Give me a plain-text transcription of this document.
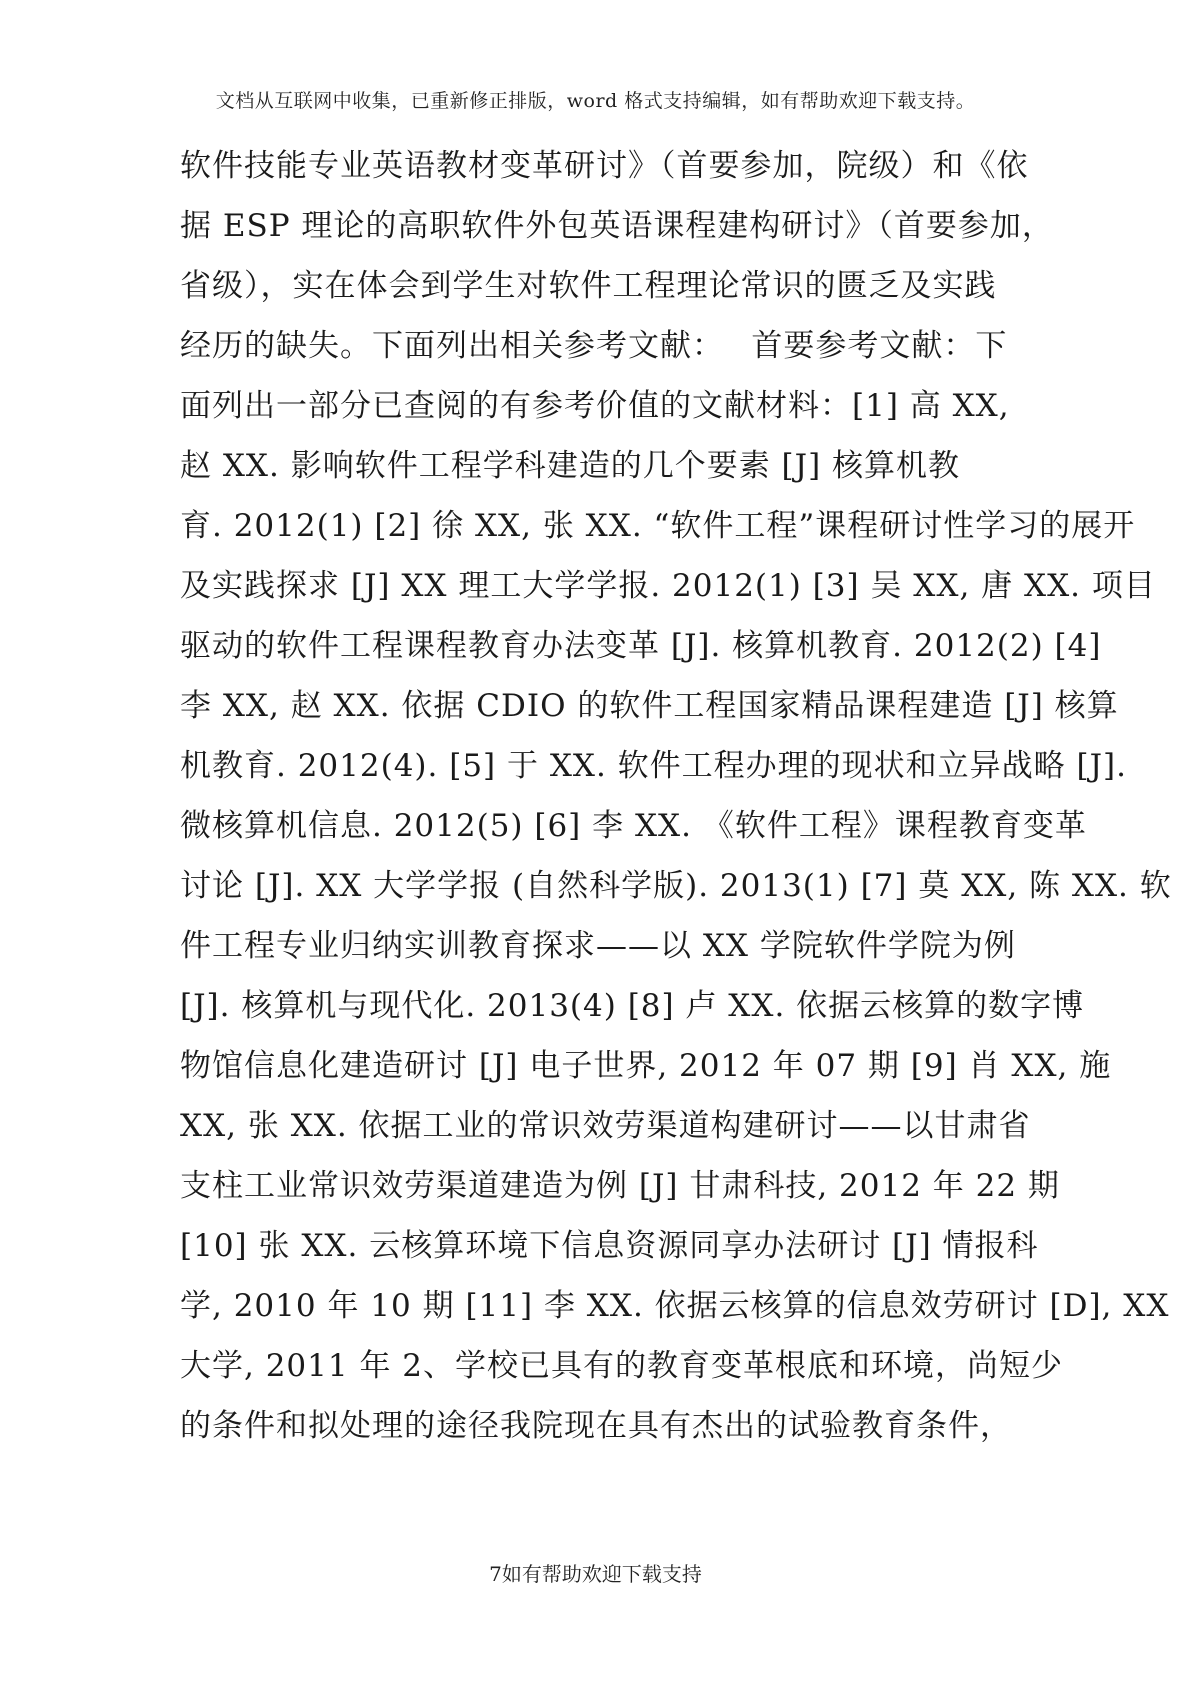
文档从互联网中收集，已重新修正排版，word 格式支持编辑，如有帮助欢迎下载支持。
软件技能专业英语教材变革研讨》（首要参加，院级）和《依
据 ESP 理论的高职软件外包英语课程建构研讨》（首要参加，
省级），实在体会到学生对软件工程理论常识的匮乏及实践
经历的缺失。下面列出相关参考文献：　 首要参考文献：下
面列出一部分已查阅的有参考价值的文献材料：[1] 高 XX,
赵 XX. 影响软件工程学科建造的几个要素 [J] 核算机教
育. 2012(1) [2] 徐 XX, 张 XX. “软件工程”课程研讨性学习的展开
及实践探求 [J] XX 理工大学学报. 2012(1) [3] 吴 XX, 唐 XX. 项目
驱动的软件工程课程教育办法变革 [J]. 核算机教育. 2012(2) [4]
李 XX, 赵 XX. 依据 CDIO 的软件工程国家精品课程建造 [J] 核算
机教育. 2012(4). [5] 于 XX. 软件工程办理的现状和立异战略 [J].
微核算机信息. 2012(5) [6] 李 XX. 《软件工程》课程教育变革
讨论 [J]. XX 大学学报 (自然科学版). 2013(1) [7] 莫 XX, 陈 XX. 软
件工程专业归纳实训教育探求——以 XX 学院软件学院为例
[J]. 核算机与现代化. 2013(4) [8] 卢 XX. 依据云核算的数字博
物馆信息化建造研讨 [J] 电子世界, 2012 年 07 期 [9] 肖 XX, 施
XX, 张 XX. 依据工业的常识效劳渠道构建研讨——以甘肃省
支柱工业常识效劳渠道建造为例 [J] 甘肃科技, 2012 年 22 期
[10] 张 XX. 云核算环境下信息资源同享办法研讨 [J] 情报科
学, 2010 年 10 期 [11] 李 XX. 依据云核算的信息效劳研讨 [D], XX
大学, 2011 年 2、学校已具有的教育变革根底和环境，尚短少
的条件和拟处理的途径我院现在具有杰出的试验教育条件，
7如有帮助欢迎下载支持
